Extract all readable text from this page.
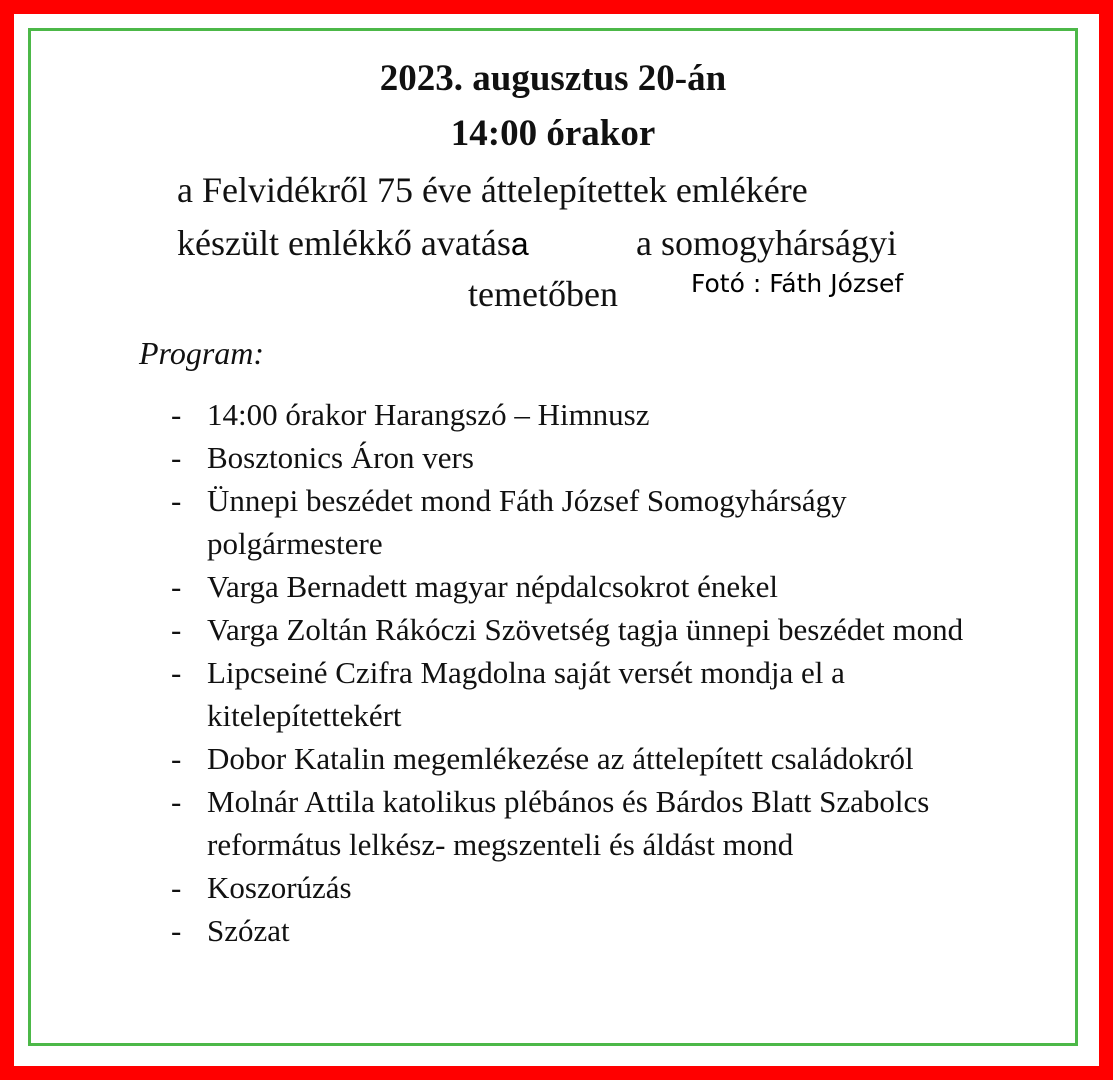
2023. augusztus 20-án
14:00 órakor
a Felvidékről 75 éve áttelepítettek emlékére
készült emlékkő avatása	a somogyhárságyi
temetőben	Fotó : Fáth József
Program:
- 14:00 órakor Harangszó – Himnusz
- Bosztonics Áron vers
- Ünnepi beszédet mond Fáth József Somogyhárságy polgármestere
- Varga Bernadett magyar népdalcsokrot énekel
- Varga Zoltán Rákóczi Szövetség tagja ünnepi beszédet mond
- Lipcseiné Czifra Magdolna saját versét mondja el a kitelepítettekért
- Dobor Katalin megemlékezése az áttelepített családokról
- Molnár Attila katolikus plébános és Bárdos Blatt Szabolcs református lelkész- megszenteli és áldást mond
- Koszorúzás
- Szózat
